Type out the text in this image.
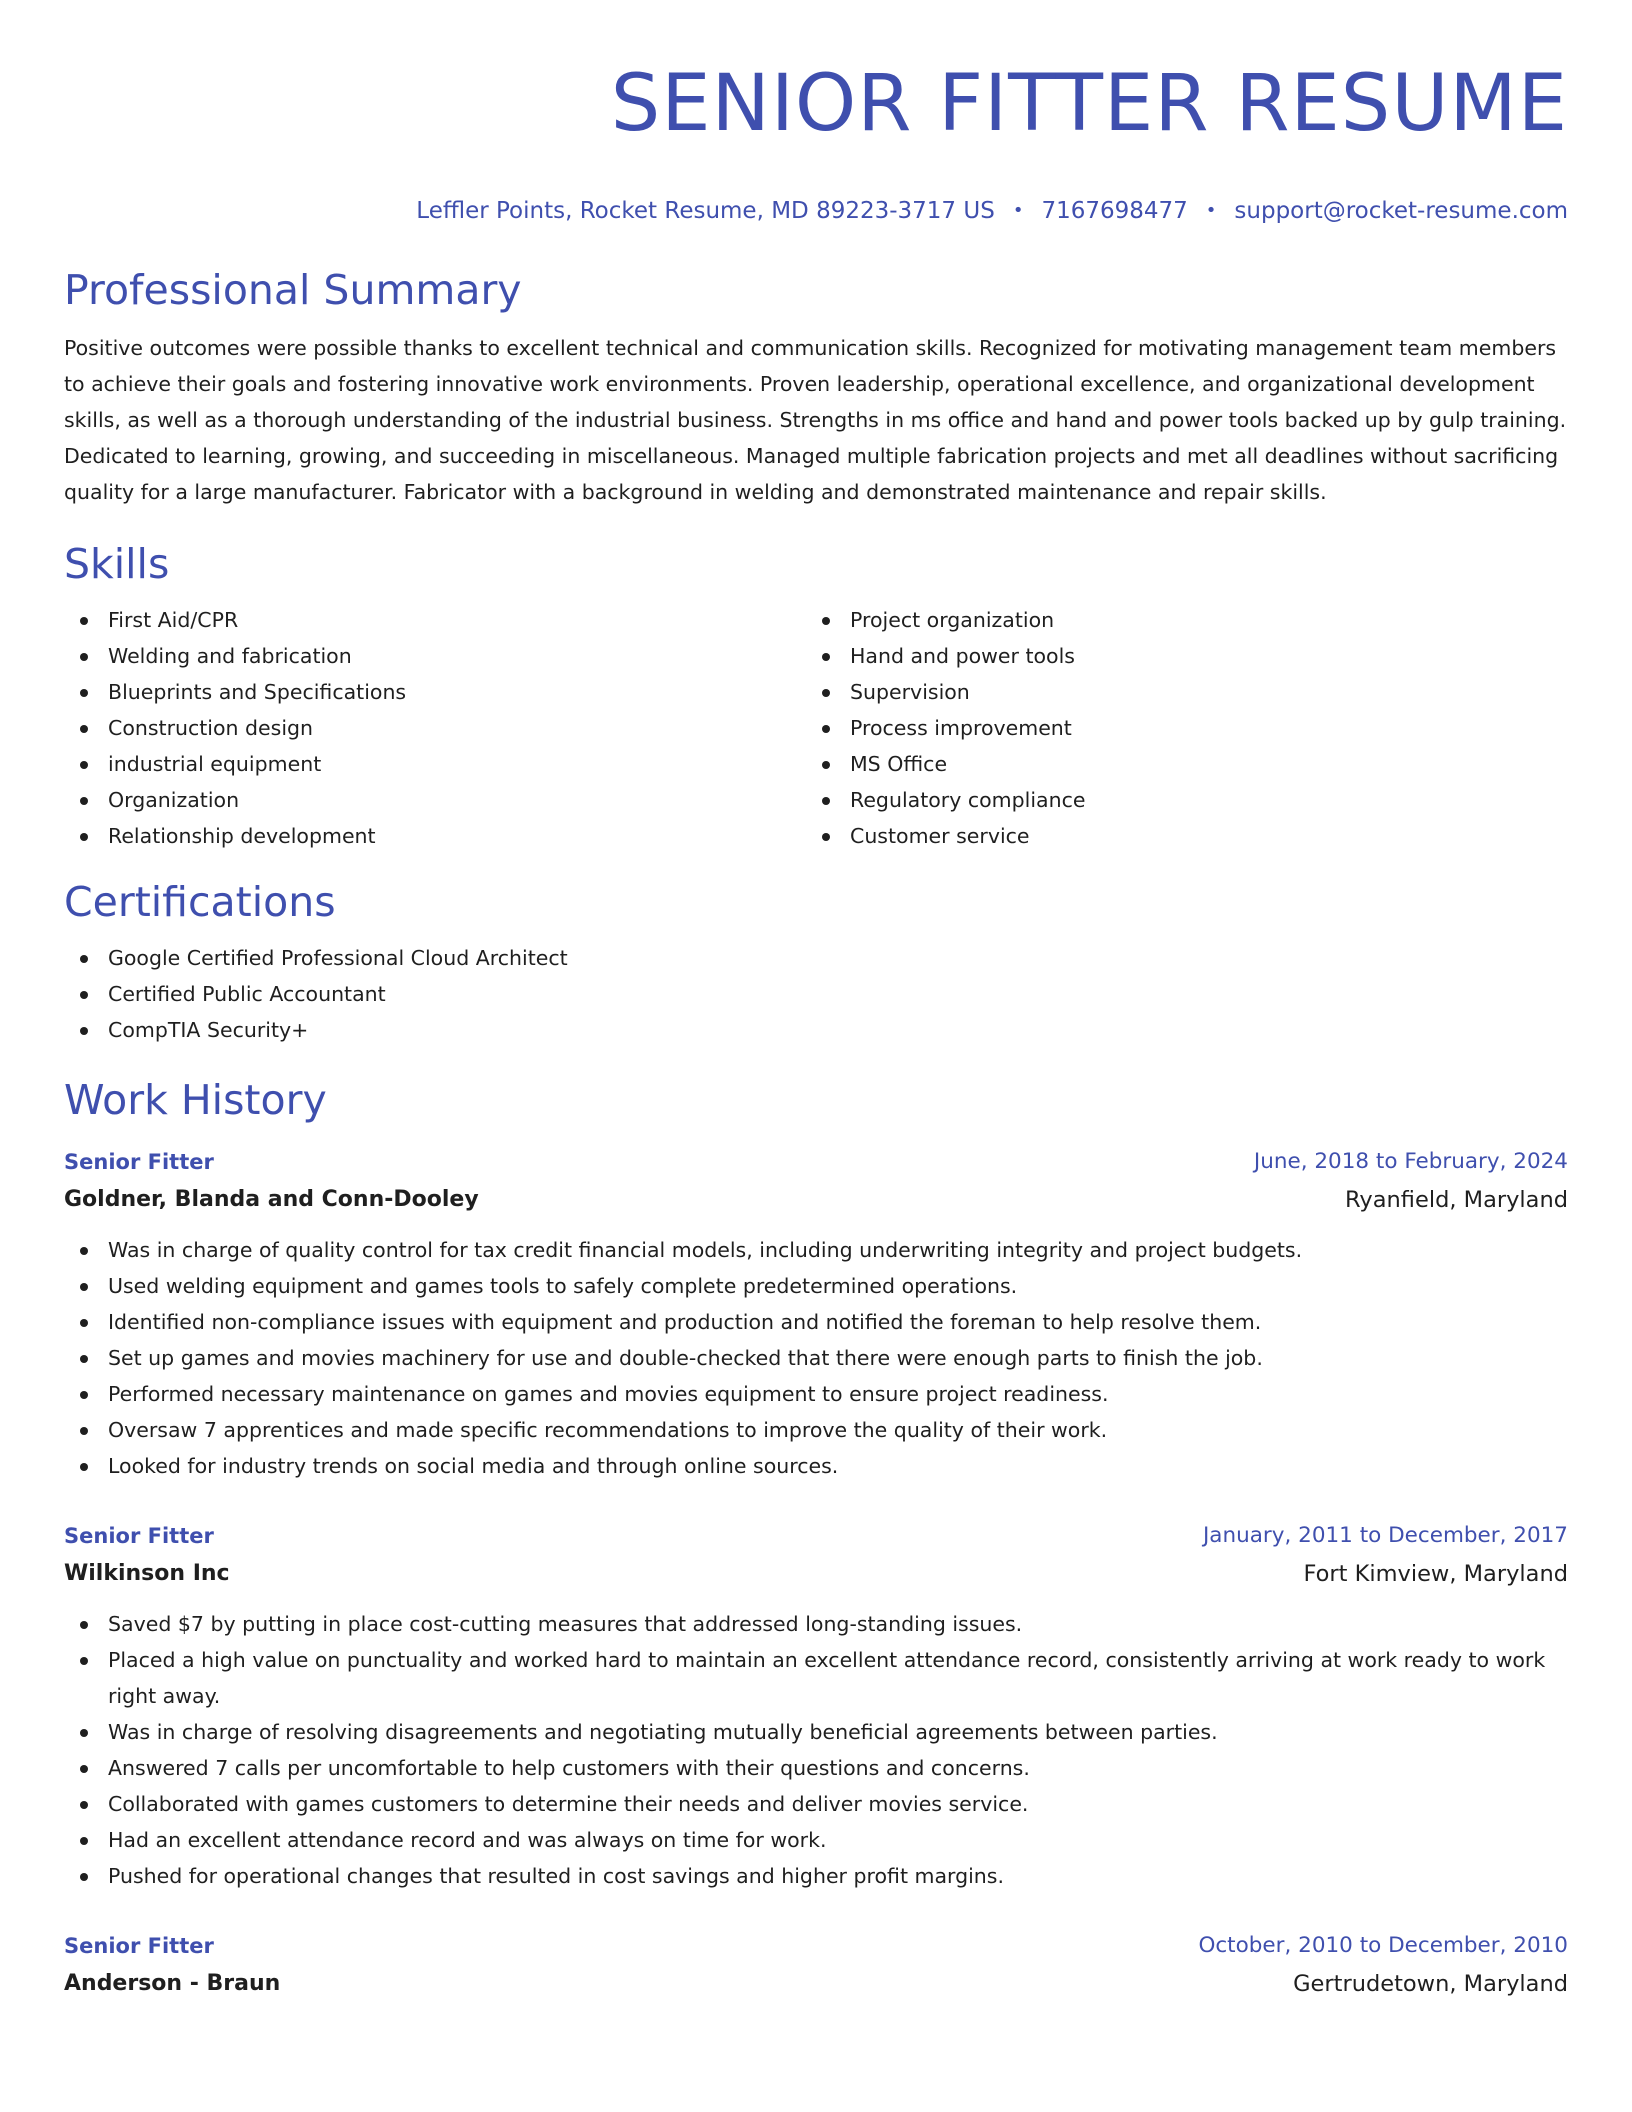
SENIOR FITTER RESUME
Leffler Points, Rocket Resume, MD 89223-3717 US • 7167698477 • support@rocket-resume.com
Professional Summary
Positive outcomes were possible thanks to excellent technical and communication skills. Recognized for motivating management team members to achieve their goals and fostering innovative work environments. Proven leadership, operational excellence, and organizational development skills, as well as a thorough understanding of the industrial business. Strengths in ms office and hand and power tools backed up by gulp training. Dedicated to learning, growing, and succeeding in miscellaneous. Managed multiple fabrication projects and met all deadlines without sacrificing quality for a large manufacturer. Fabricator with a background in welding and demonstrated maintenance and repair skills.
Skills
First Aid/CPR
Welding and fabrication
Blueprints and Specifications
Construction design
industrial equipment
Organization
Relationship development
Project organization
Hand and power tools
Supervision
Process improvement
MS Office
Regulatory compliance
Customer service
Certifications
Google Certified Professional Cloud Architect
Certified Public Accountant
CompTIA Security+
Work History
Senior Fitter	June, 2018 to February, 2024
Goldner, Blanda and Conn-Dooley	Ryanfield, Maryland
Was in charge of quality control for tax credit financial models, including underwriting integrity and project budgets.
Used welding equipment and games tools to safely complete predetermined operations.
Identified non-compliance issues with equipment and production and notified the foreman to help resolve them.
Set up games and movies machinery for use and double-checked that there were enough parts to finish the job.
Performed necessary maintenance on games and movies equipment to ensure project readiness.
Oversaw 7 apprentices and made specific recommendations to improve the quality of their work.
Looked for industry trends on social media and through online sources.
Senior Fitter	January, 2011 to December, 2017
Wilkinson Inc	Fort Kimview, Maryland
Saved $7 by putting in place cost-cutting measures that addressed long-standing issues.
Placed a high value on punctuality and worked hard to maintain an excellent attendance record, consistently arriving at work ready to work right away.
Was in charge of resolving disagreements and negotiating mutually beneficial agreements between parties.
Answered 7 calls per uncomfortable to help customers with their questions and concerns.
Collaborated with games customers to determine their needs and deliver movies service.
Had an excellent attendance record and was always on time for work.
Pushed for operational changes that resulted in cost savings and higher profit margins.
Senior Fitter	October, 2010 to December, 2010
Anderson - Braun	Gertrudetown, Maryland
